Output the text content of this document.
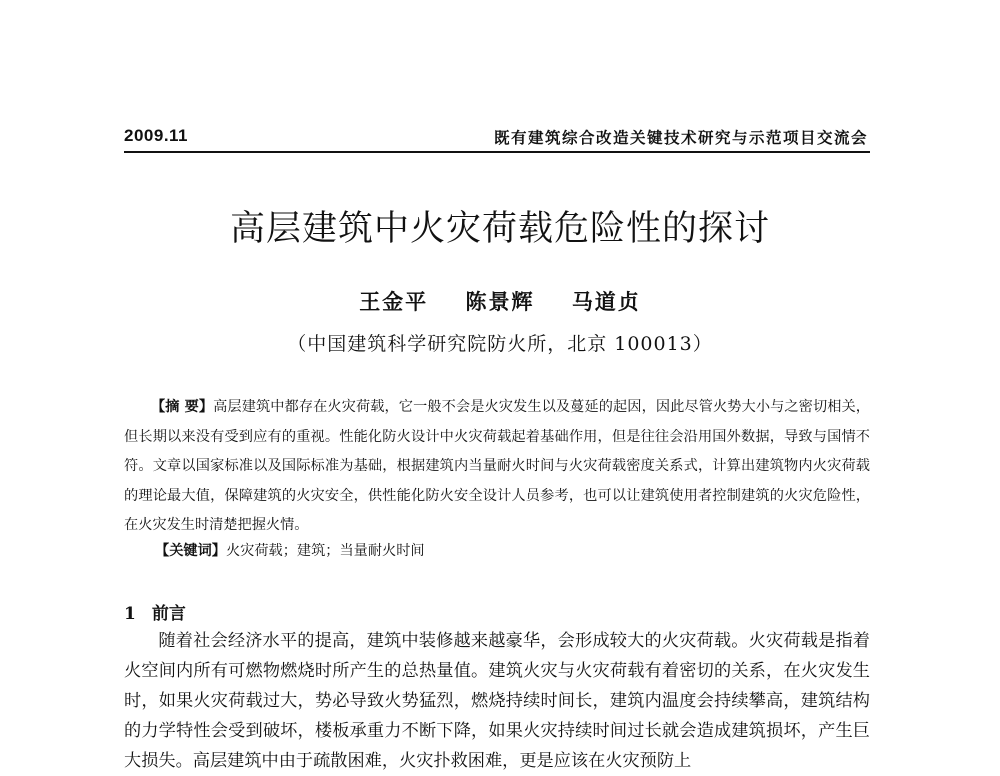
2009.11	既有建筑综合改造关键技术研究与示范项目交流会
高层建筑中火灾荷载危险性的探讨
王金平 陈景辉 马道贞
（中国建筑科学研究院防火所，北京 100013）

【摘 要】高层建筑中都存在火灾荷载，它一般不会是火灾发生以及蔓延的起因，因此尽管火势大小与之密切相关，但长期以来没有受到应有的重视。性能化防火设计中火灾荷载起着基础作用，但是往往会沿用国外数据，导致与国情不符。文章以国家标准以及国际标准为基础，根据建筑内当量耐火时间与火灾荷载密度关系式，计算出建筑物内火灾荷载的理论最大值，保障建筑的火灾安全，供性能化防火安全设计人员参考，也可以让建筑使用者控制建筑的火灾危险性，在火灾发生时清楚把握火情。

【关键词】火灾荷载；建筑；当量耐火时间
1 前言

随着社会经济水平的提高，建筑中装修越来越豪华，会形成较大的火灾荷载。火灾荷载是指着火空间内所有可燃物燃烧时所产生的总热量值。建筑火灾与火灾荷载有着密切的关系，在火灾发生时，如果火灾荷载过大，势必导致火势猛烈，燃烧持续时间长，建筑内温度会持续攀高，建筑结构的力学特性会受到破坏，楼板承重力不断下降，如果火灾持续时间过长就会造成建筑损坏，产生巨大损失。高层建筑中由于疏散困难，火灾扑救困难，更是应该在火灾预防上
